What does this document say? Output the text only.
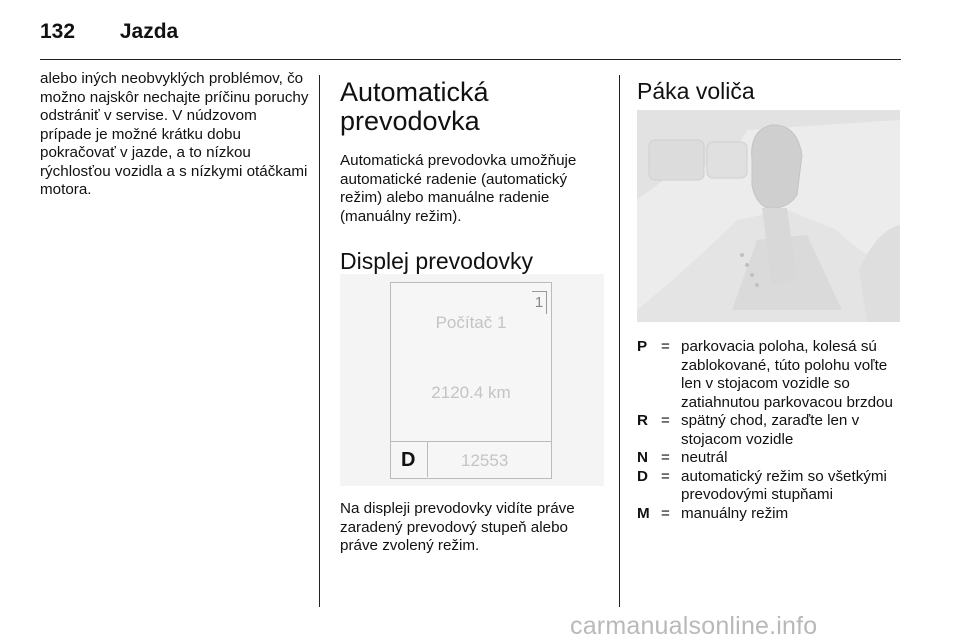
132 Jazda

alebo iných neobvyklých problémov, čo možno najskôr nechajte príčinu poruchy odstrániť v servise. V núdzovom prípade je možné krátku dobu pokračovať v jazde, a to nízkou rýchlosťou vozidla a s nízkymi otáčkami motora.

Automatická prevodovka

Automatická prevodovka umožňuje automatické radenie (automatický režim) alebo manuálne radenie (manuálny režim).

Displej prevodovky
1
Počítač 1
2120.4 km
D	12553

Na displeji prevodovky vidíte práve zaradený prevodový stupeň alebo práve zvolený režim.

Páka voliča
P = parkovacia poloha, kolesá sú zablokované, túto polohu voľte len v stojacom vozidle so zatiahnutou parkovacou brzdou
R = spätný chod, zaraďte len v stojacom vozidle
N = neutrál
D = automatický režim so všetkými prevodovými stupňami
M = manuálny režim
carmanualsonline.info
